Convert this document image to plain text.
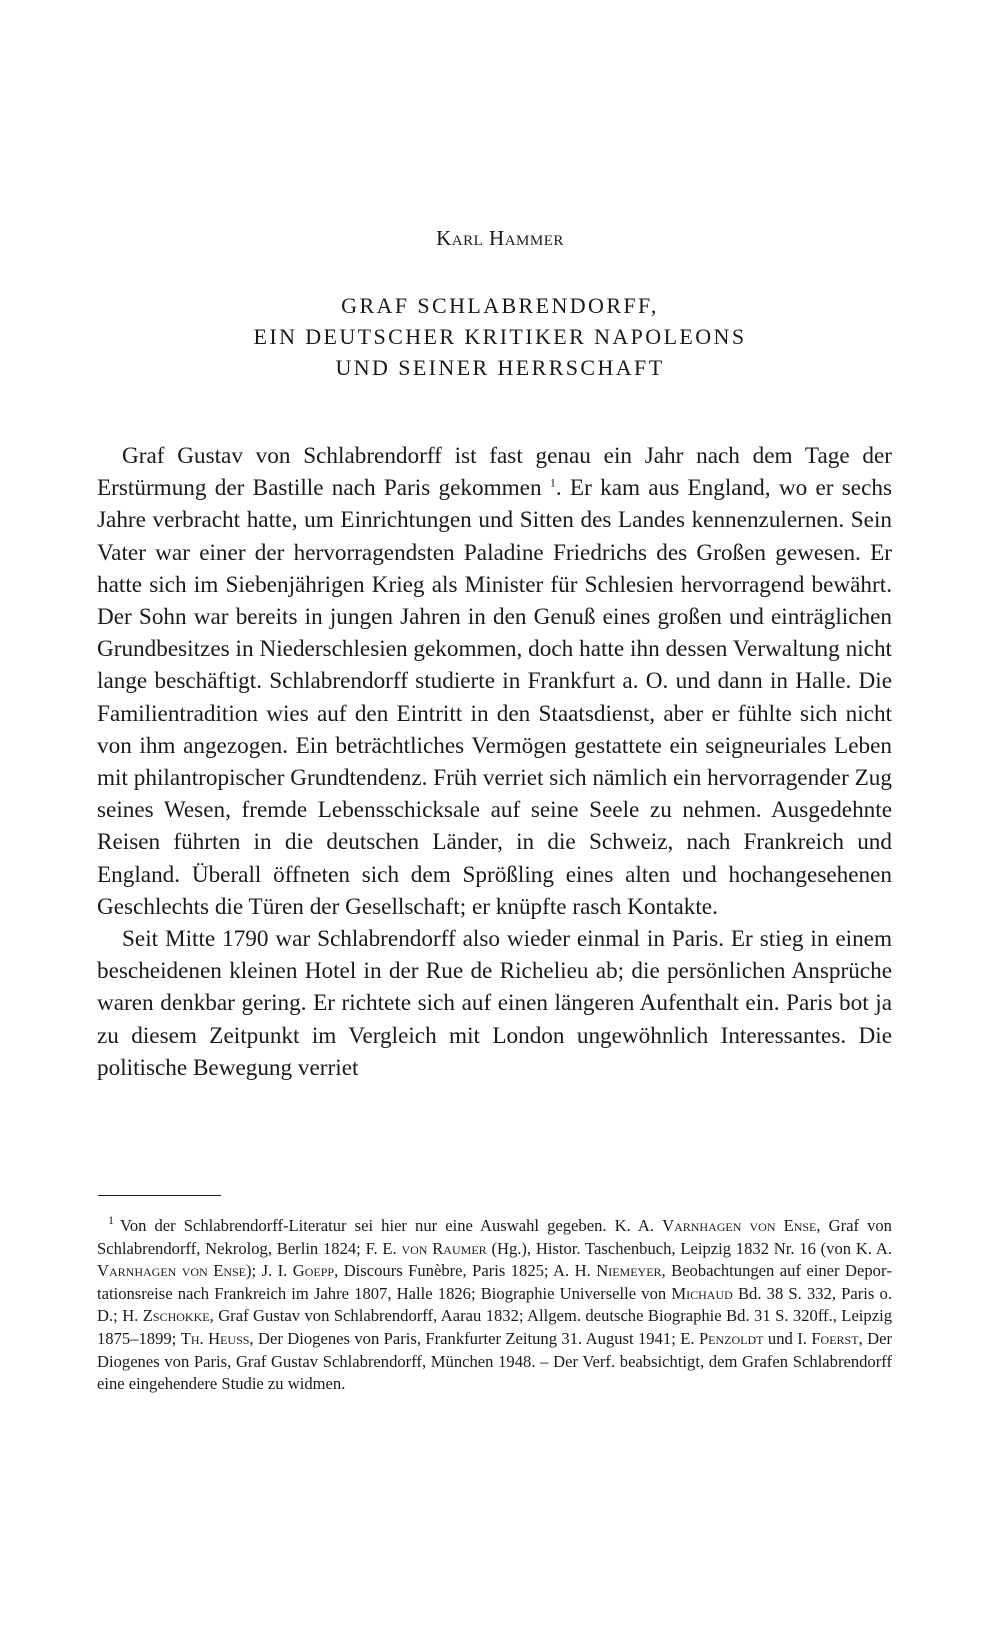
Karl Hammer
GRAF SCHLABRENDORFF,
EIN DEUTSCHER KRITIKER NAPOLEONS
UND SEINER HERRSCHAFT

Graf Gustav von Schlabrendorff ist fast genau ein Jahr nach dem Tage der Erstürmung der Bastille nach Paris gekommen $^1$. Er kam aus England, wo er sechs Jahre verbracht hatte, um Einrichtungen und Sitten des Landes kennenzulernen. Sein Vater war einer der hervorragendsten Paladine Friedrichs des Großen gewesen. Er hatte sich im Siebenjährigen Krieg als Minister für Schlesien hervorragend bewährt. Der Sohn war bereits in jungen Jahren in den Genuß eines großen und einträglichen Grundbesitzes in Niederschlesien gekommen, doch hatte ihn dessen Verwaltung nicht lange beschäftigt. Schlabrendorff studierte in Frankfurt a. O. und dann in Halle. Die Familientradition wies auf den Eintritt in den Staatsdienst, aber er fühlte sich nicht von ihm angezogen. Ein beträchtliches Vermögen gestattete ein seigneuriales Leben mit philantropischer Grundtendenz. Früh verriet sich nämlich ein hervorragender Zug seines Wesen, fremde Lebensschicksale auf seine Seele zu nehmen. Ausgedehnte Reisen führten in die deutschen Länder, in die Schweiz, nach Frankreich und England. Überall öffneten sich dem Sprößling eines alten und hochangesehenen Geschlechts die Türen der Gesellschaft; er knüpfte rasch Kontakte.

Seit Mitte 1790 war Schlabrendorff also wieder einmal in Paris. Er stieg in einem bescheidenen kleinen Hotel in der Rue de Richelieu ab; die persönlichen Ansprüche waren denkbar gering. Er richtete sich auf einen längeren Aufenthalt ein. Paris bot ja zu diesem Zeitpunkt im Vergleich mit London ungewöhnlich Interessantes. Die politische Bewegung verriet

$^1$ Von der Schlabrendorff-Literatur sei hier nur eine Auswahl gegeben. K. A. Varnhagen von Ense, Graf von Schlabrendorff, Nekrolog, Berlin 1824; F. E. von Raumer (Hg.), Histor. Taschenbuch, Leipzig 1832 Nr. 16 (von K. A. Varnhagen von Ense); J. I. Goepp, Discours Funèbre, Paris 1825; A. H. Niemeyer, Beobachtungen auf einer Deportationsreise nach Frankreich im Jahre 1807, Halle 1826; Biographie Universelle von Michaud Bd. 38 S. 332, Paris o. D.; H. Zschokke, Graf Gustav von Schlabrendorff, Aarau 1832; Allgem. deutsche Biographie Bd. 31 S. 320ff., Leipzig 1875–1899; Th. Heuss, Der Diogenes von Paris, Frankfurter Zeitung 31. August 1941; E. Penzoldt und I. Foerst, Der Diogenes von Paris, Graf Gustav Schlabrendorff, München 1948. – Der Verf. beabsichtigt, dem Grafen Schlabrendorff eine eingehendere Studie zu widmen.
